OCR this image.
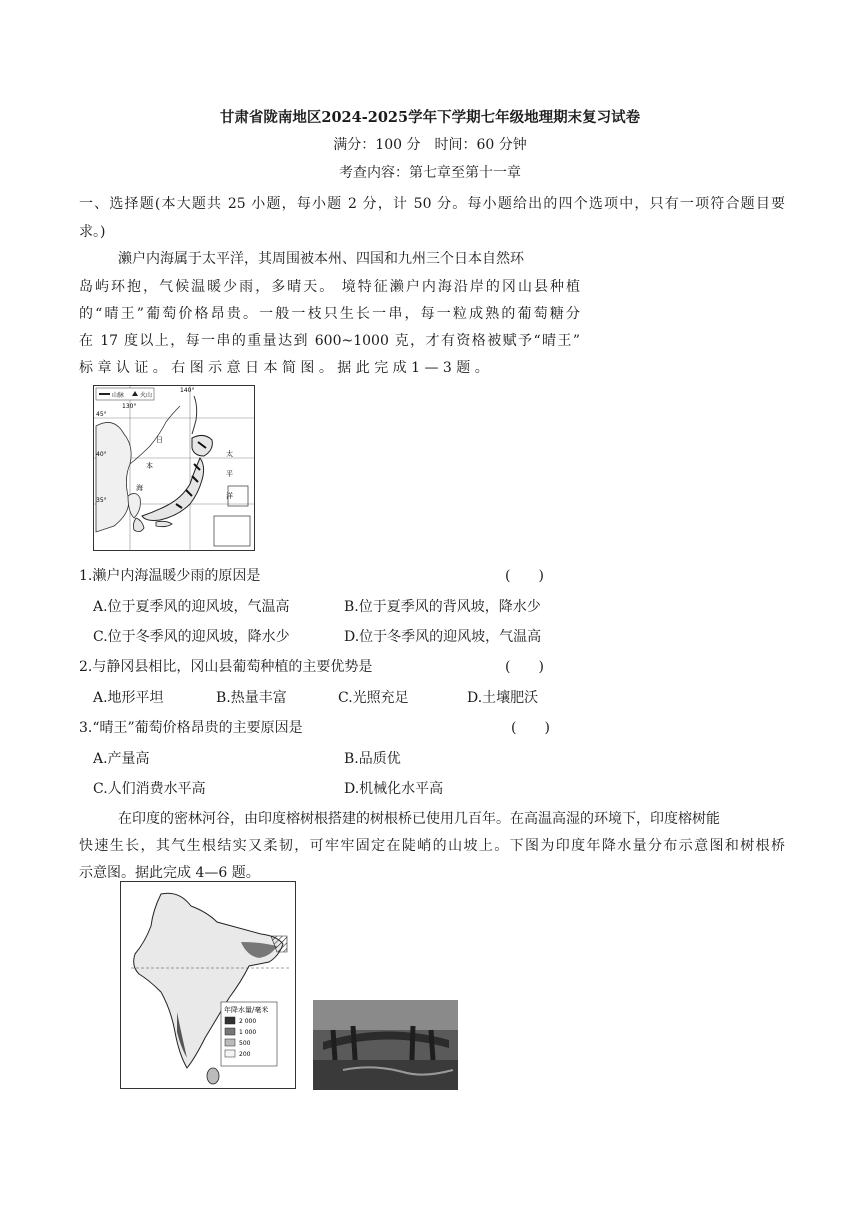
甘肃省陇南地区2024-2025学年下学期七年级地理期末复习试卷
满分：100 分　时间：60 分钟
考查内容：第七章至第十一章
一、选择题(本大题共 25 小题，每小题 2 分，计 50 分。每小题给出的四个选项中，只有一项符合题目要
求。)
濑户内海属于太平洋，其周围被本州、四国和九州三个日本自然环
岛屿环抱，气候温暖少雨，多晴天。 境特征濑户内海沿岸的冈山县种植
的“晴王”葡萄价格昂贵。一般一枝只生长一串，每一粒成熟的葡萄糖分
在 17 度以上，每一串的重量达到 600~1000 克，才有资格被赋予“晴王”
标 章 认 证 。 右 图 示 意 日 本 简 图 。 据 此 完 成 1 — 3 题 。
山脉	火山
45°
40°
35°
140°
130°
日
太
本
海
平
洋
1.濑户内海温暖少雨的原因是	(　　)
A.位于夏季风的迎风坡，气温高	B.位于夏季风的背风坡，降水少
C.位于冬季风的迎风坡，降水少	D.位于冬季风的迎风坡，气温高
2.与静冈县相比，冈山县葡萄种植的主要优势是	(　　)
A.地形平坦	B.热量丰富	C.光照充足	D.土壤肥沃
3.“晴王”葡萄价格昂贵的主要原因是	(　　)
A.产量高	B.品质优
C.人们消费水平高	D.机械化水平高
在印度的密林河谷，由印度榕树根搭建的树根桥已使用几百年。在高温高湿的环境下，印度榕树能
快速生长，其气生根结实又柔韧，可牢牢固定在陡峭的山坡上。下图为印度年降水量分布示意图和树根桥
示意图。据此完成 4—6 题。
年降水量/毫米
2 000
1 000
500
200
